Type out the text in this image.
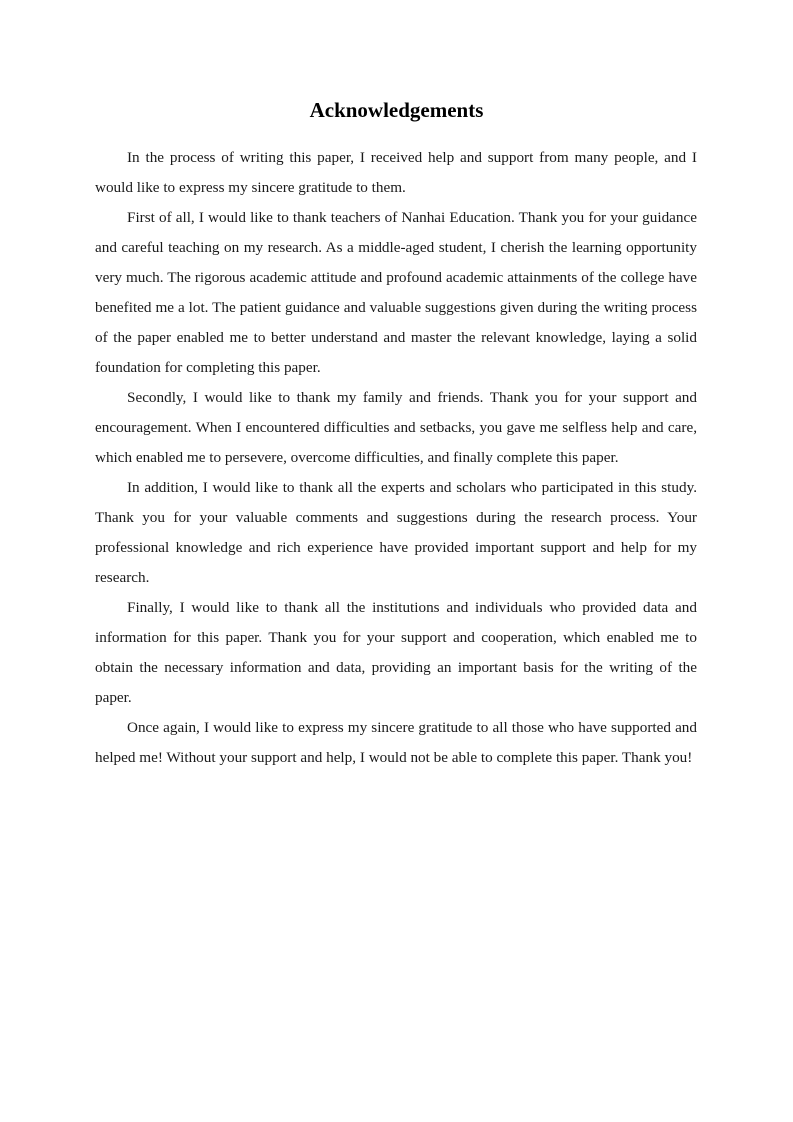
Acknowledgements

In the process of writing this paper, I received help and support from many people, and I would like to express my sincere gratitude to them.

First of all, I would like to thank teachers of Nanhai Education. Thank you for your guidance and careful teaching on my research. As a middle-aged student, I cherish the learning opportunity very much. The rigorous academic attitude and profound academic attainments of the college have benefited me a lot. The patient guidance and valuable suggestions given during the writing process of the paper enabled me to better understand and master the relevant knowledge, laying a solid foundation for completing this paper.

Secondly, I would like to thank my family and friends. Thank you for your support and encouragement. When I encountered difficulties and setbacks, you gave me selfless help and care, which enabled me to persevere, overcome difficulties, and finally complete this paper.

In addition, I would like to thank all the experts and scholars who participated in this study. Thank you for your valuable comments and suggestions during the research process. Your professional knowledge and rich experience have provided important support and help for my research.

Finally, I would like to thank all the institutions and individuals who provided data and information for this paper. Thank you for your support and cooperation, which enabled me to obtain the necessary information and data, providing an important basis for the writing of the paper.

Once again, I would like to express my sincere gratitude to all those who have supported and helped me! Without your support and help, I would not be able to complete this paper. Thank you!
